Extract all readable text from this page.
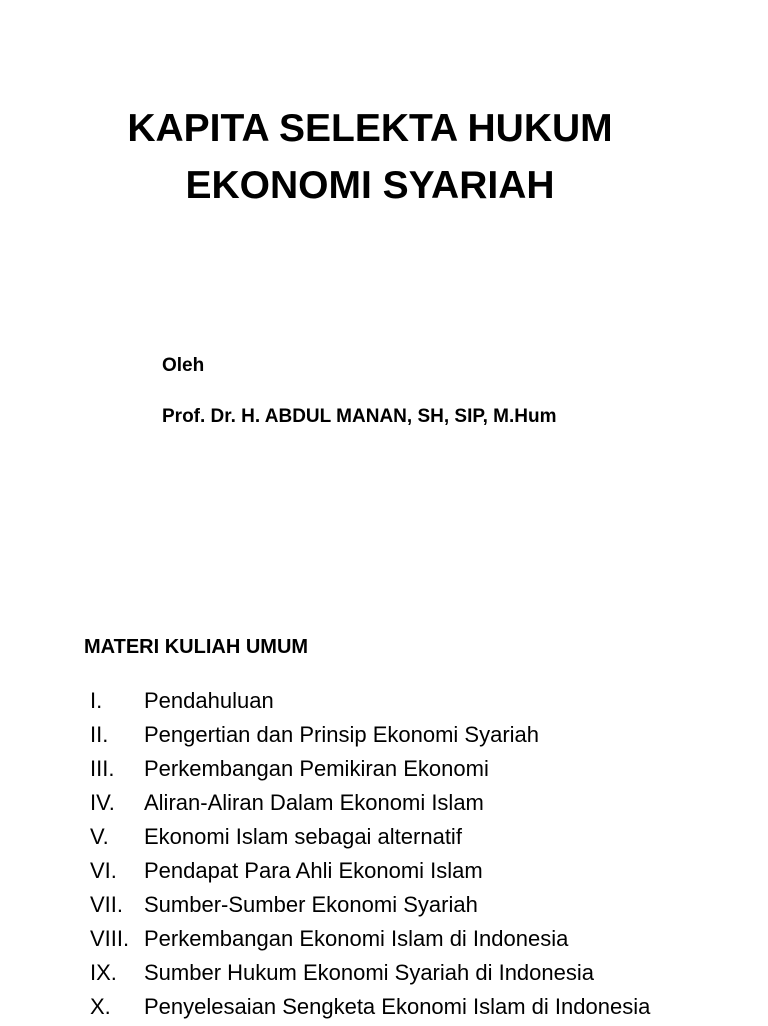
KAPITA SELEKTA HUKUM
EKONOMI SYARIAH
Oleh
Prof. Dr. H. ABDUL MANAN, SH, SIP, M.Hum
MATERI KULIAH UMUM
I.	Pendahuluan
II.	Pengertian dan Prinsip Ekonomi Syariah
III.	Perkembangan Pemikiran Ekonomi
IV.	Aliran-Aliran Dalam Ekonomi Islam
V.	Ekonomi Islam sebagai alternatif
VI.	Pendapat Para Ahli Ekonomi Islam
VII. Sumber-Sumber Ekonomi Syariah
VIII. Perkembangan Ekonomi Islam di Indonesia
IX.	Sumber Hukum Ekonomi Syariah di Indonesia
X.	Penyelesaian Sengketa Ekonomi Islam di Indonesia
